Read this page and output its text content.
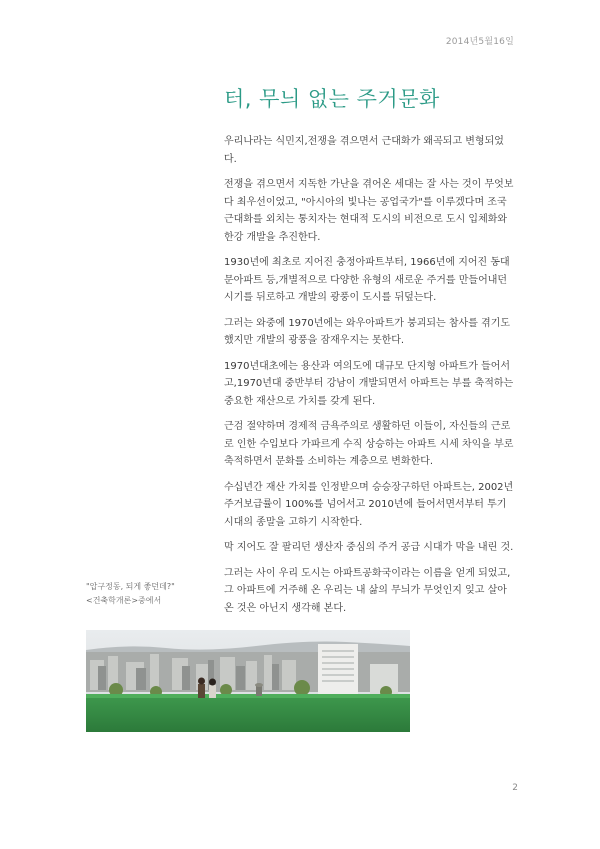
2014년5월16일
터, 무늬 없는 주거문화

우리나라는 식민지,전쟁을 겪으면서 근대화가 왜곡되고 변형되었다.

전쟁을 겪으면서 지독한 가난을 겪어온 세대는 잘 사는 것이 무엇보다 최우선이었고, "아시아의 빛나는 공업국가"를 이루겠다며 조국 근대화를 외치는 통치자는 현대적 도시의 비전으로 도시 입체화와 한강 개발을 추진한다.

1930년에 최초로 지어진 충정아파트부터, 1966년에 지어진 동대문아파트 등,개별적으로 다양한 유형의 새로운 주거를 만들어내던 시기를 뒤로하고 개발의 광풍이 도시를 뒤덮는다.

그러는 와중에 1970년에는 와우아파트가 붕괴되는 참사를 겪기도 했지만 개발의 광풍을 잠재우지는 못한다.

1970년대초에는 용산과 여의도에 대규모 단지형 아파트가 들어서고,1970년대 중반부터 강남이 개발되면서 아파트는 부를 축적하는 중요한 재산으로 가치를 갖게 된다.

근검 절약하며 경제적 금욕주의로 생활하던 이들이, 자신들의 근로로 인한 수입보다 가파르게 수직 상승하는 아파트 시세 차익을 부로 축적하면서 문화를 소비하는 계층으로 변화한다.

수십년간 재산 가치를 인정받으며 승승장구하던 아파트는, 2002년 주거보급률이 100%를 넘어서고 2010년에 들어서면서부터 투기시대의 종말을 고하기 시작한다.

막 지어도 잘 팔리던 생산자 중심의 주거 공급 시대가 막을 내린 것.

그러는 사이 우리 도시는 아파트공화국이라는 이름을 얻게 되었고, 그 아파트에 거주해 온 우리는 내 삶의 무늬가 무엇인지 잊고 살아온 것은 아닌지 생각해 본다.

"압구정동, 되게 좋던데?"
<건축학개론>중에서
2
